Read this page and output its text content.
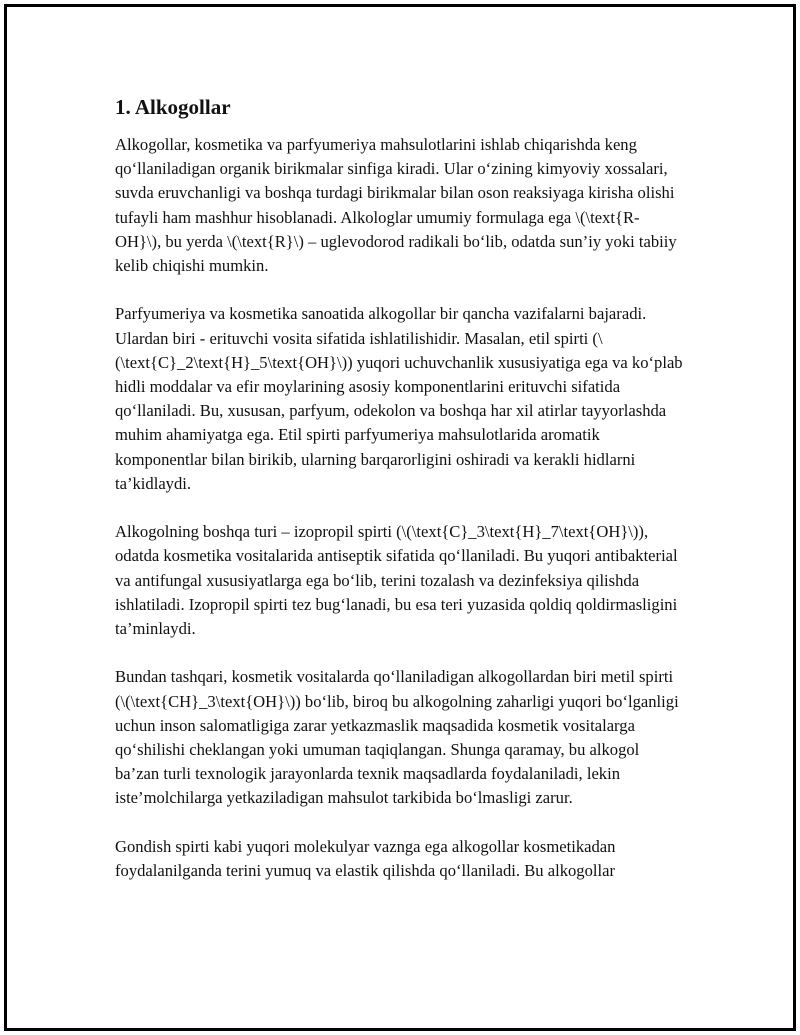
1. Alkogollar

Alkogollar, kosmetika va parfyumeriya mahsulotlarini ishlab chiqarishda keng qo‘llaniladigan organik birikmalar sinfiga kiradi. Ular o‘zining kimyoviy xossalari, suvda eruvchanligi va boshqa turdagi birikmalar bilan oson reaksiyaga kirisha olishi tufayli ham mashhur hisoblanadi. Alkologlar umumiy formulaga ega \(\text{R-OH}\), bu yerda \(\text{R}\) – uglevodorod radikali bo‘lib, odatda sun’iy yoki tabiiy kelib chiqishi mumkin.

Parfyumeriya va kosmetika sanoatida alkogollar bir qancha vazifalarni bajaradi. Ulardan biri - erituvchi vosita sifatida ishlatilishidir. Masalan, etil spirti (\(\text{C}_2\text{H}_5\text{OH}\)) yuqori uchuvchanlik xususiyatiga ega va ko‘plab hidli moddalar va efir moylarining asosiy komponentlarini erituvchi sifatida qo‘llaniladi. Bu, xususan, parfyum, odekolon va boshqa har xil atirlar tayyorlashda muhim ahamiyatga ega. Etil spirti parfyumeriya mahsulotlarida aromatik komponentlar bilan birikib, ularning barqarorligini oshiradi va kerakli hidlarni ta’kidlaydi.

Alkogolning boshqa turi – izopropil spirti (\(\text{C}_3\text{H}_7\text{OH}\)), odatda kosmetika vositalarida antiseptik sifatida qo‘llaniladi. Bu yuqori antibakterial va antifungal xususiyatlarga ega bo‘lib, terini tozalash va dezinfeksiya qilishda ishlatiladi. Izopropil spirti tez bug‘lanadi, bu esa teri yuzasida qoldiq qoldirmasligini ta’minlaydi.

Bundan tashqari, kosmetik vositalarda qo‘llaniladigan alkogollardan biri metil spirti (\(\text{CH}_3\text{OH}\)) bo‘lib, biroq bu alkogolning zaharligi yuqori bo‘lganligi uchun inson salomatligiga zarar yetkazmaslik maqsadida kosmetik vositalarga qo‘shilishi cheklangan yoki umuman taqiqlangan. Shunga qaramay, bu alkogol ba’zan turli texnologik jarayonlarda texnik maqsadlarda foydalaniladi, lekin iste’molchilarga yetkaziladigan mahsulot tarkibida bo‘lmasligi zarur.

Gondish spirti kabi yuqori molekulyar vaznga ega alkogollar kosmetikadan foydalanilganda terini yumuq va elastik qilishda qo‘llaniladi. Bu alkogollar
